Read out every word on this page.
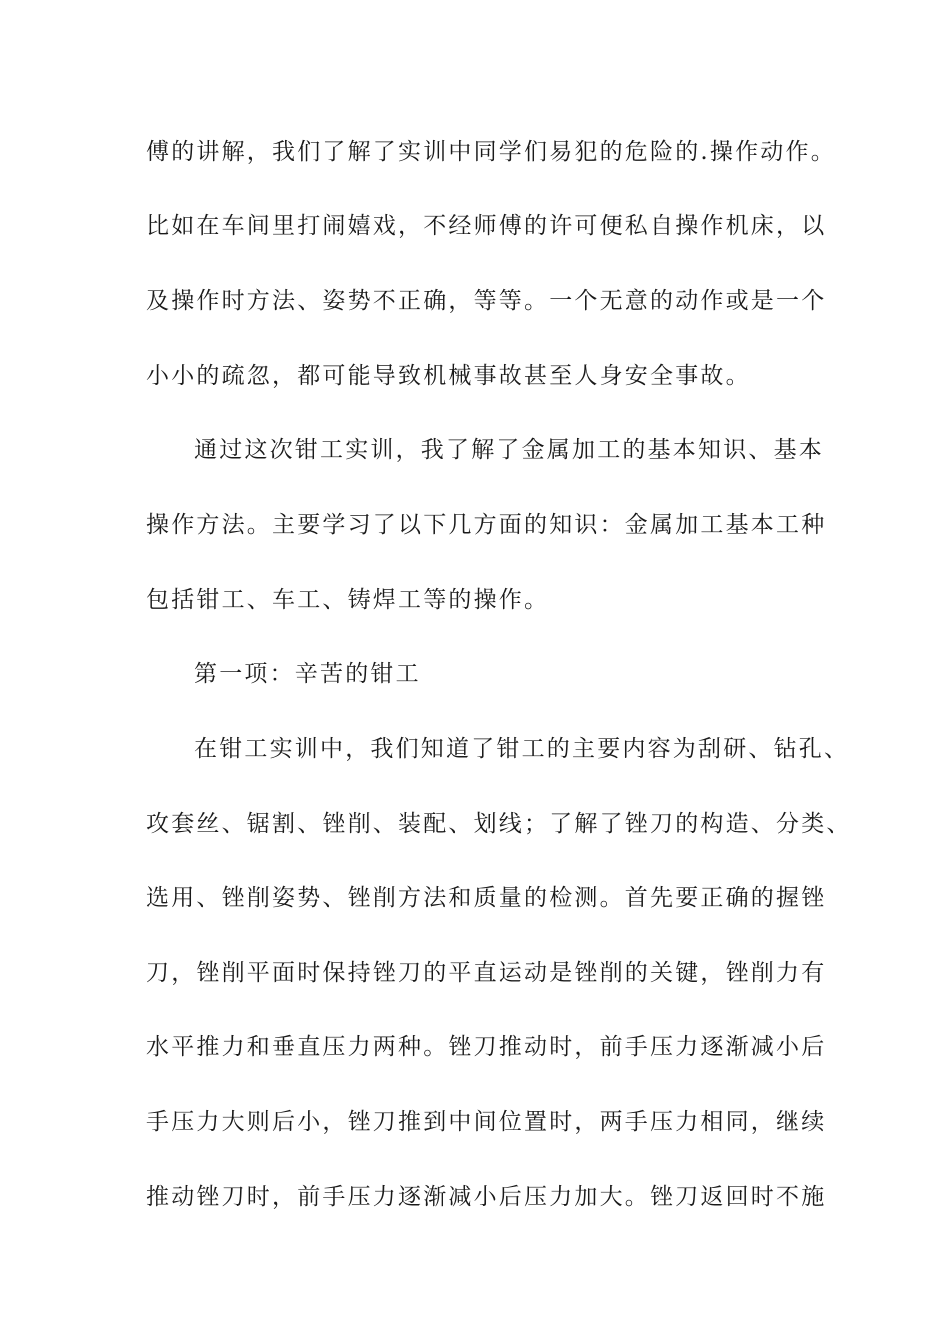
傅的讲解，我们了解了实训中同学们易犯的危险的.操作动作。
比如在车间里打闹嬉戏，不经师傅的许可便私自操作机床，以
及操作时方法、姿势不正确，等等。一个无意的动作或是一个
小小的疏忽，都可能导致机械事故甚至人身安全事故。
通过这次钳工实训，我了解了金属加工的基本知识、基本
操作方法。主要学习了以下几方面的知识：金属加工基本工种
包括钳工、车工、铸焊工等的操作。
第一项：辛苦的钳工
在钳工实训中，我们知道了钳工的主要内容为刮研、钻孔、
攻套丝、锯割、锉削、装配、划线；了解了锉刀的构造、分类、
选用、锉削姿势、锉削方法和质量的检测。首先要正确的握锉
刀，锉削平面时保持锉刀的平直运动是锉削的关键，锉削力有
水平推力和垂直压力两种。锉刀推动时，前手压力逐渐减小后
手压力大则后小，锉刀推到中间位置时，两手压力相同，继续
推动锉刀时，前手压力逐渐减小后压力加大。锉刀返回时不施
